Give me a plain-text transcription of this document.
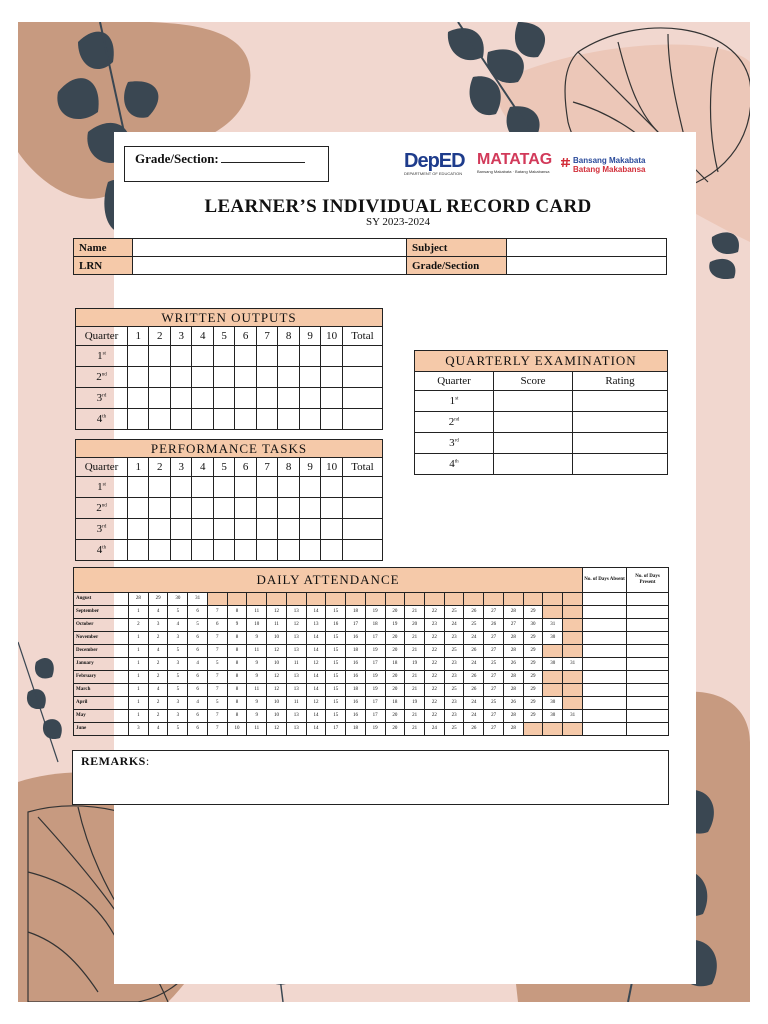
Grade/Section:	DepED
DEPARTMENT OF EDUCATION
MATATAG
Bansang Makabata · Batang Makabansa
Bansang Makabata
Batang Makabansa
LEARNER’S INDIVIDUAL RECORD CARD
SY 2023-2024
Name		Subject	
LRN		Grade/Section	
WRITTEN OUTPUTS											
Quarter	1	2	3	4	5	6	7	8	9	10	Total
1st											
2nd											
3rd											
4th											
PERFORMANCE TASKS											
Quarter	1	2	3	4	5	6	7	8	9	10	Total
1st											
2nd											
3rd											
4th											
QUARTERLY EXAMINATION		
Quarter	Score	Rating
1st		
2nd		
3rd		
4th		
DAILY ATTENDANCE																								No. of Days Absent	No. of Days Present
August	28	29	30	31																					
September	1	4	5	6	7	8	11	12	13	14	15	18	19	20	21	22	25	26	27	28	29				
October	2	3	4	5	6	9	10	11	12	13	16	17	18	19	20	23	24	25	26	27	30	31			
November	1	2	3	6	7	8	9	10	13	14	15	16	17	20	21	22	23	24	27	28	29	30			
December	1	4	5	6	7	8	11	12	13	14	15	18	19	20	21	22	25	26	27	28	29				
January	1	2	3	4	5	8	9	10	11	12	15	16	17	18	19	22	23	24	25	26	29	30	31		
February	1	2	5	6	7	8	9	12	13	14	15	16	19	20	21	22	23	26	27	28	29				
March	1	4	5	6	7	8	11	12	13	14	15	18	19	20	21	22	25	26	27	28	29				
April	1	2	3	4	5	8	9	10	11	12	15	16	17	18	19	22	23	24	25	26	29	30			
May	1	2	3	6	7	8	9	10	13	14	15	16	17	20	21	22	23	24	27	28	29	30	31		
June	3	4	5	6	7	10	11	12	13	14	17	18	19	20	21	24	25	26	27	28					
REMARKS:
